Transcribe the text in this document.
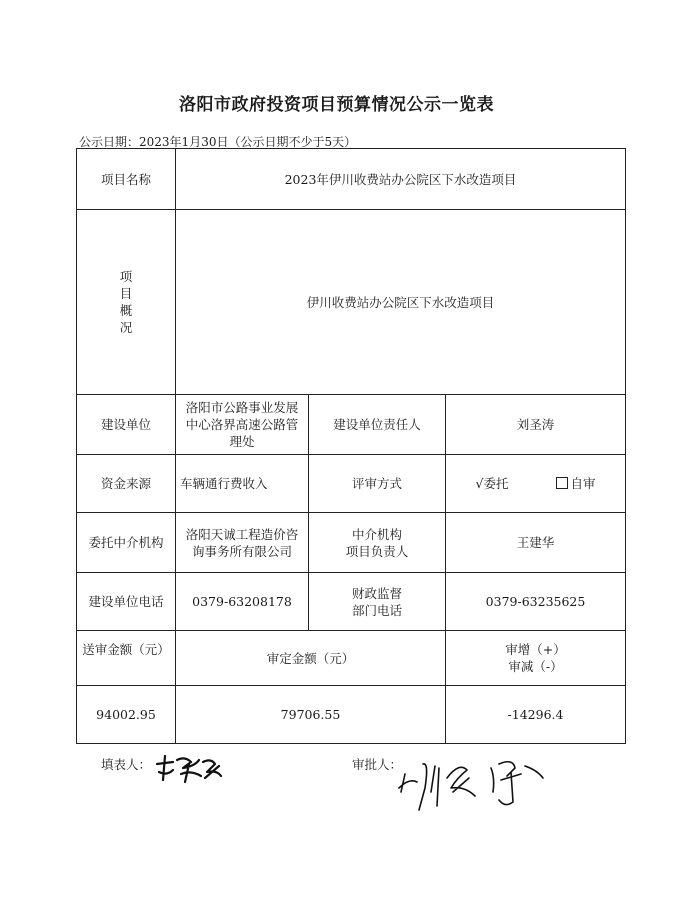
洛阳市政府投资项目预算情况公示一览表
公示日期：2023年1月30日（公示日期不少于5天）
项目名称	2023年伊川收费站办公院区下水改造项目		

项
目
概
况	伊川收费站办公院区下水改造项目		
建设单位	洛阳市公路事业发展
中心洛界高速公路管
理处	建设单位责任人	刘圣涛
资金来源	车辆通行费收入	评审方式	√委托 自审
委托中介机构	洛阳天诚工程造价咨
询事务所有限公司	中介机构
项目负责人	王建华
建设单位电话	0379-63208178	财政监督
部门电话	0379-63235625
送审金额（元）	审定金额（元）		审增（+）
审减（-）

94002.95	79706.55		-14296.4
填表人：	审批人：
